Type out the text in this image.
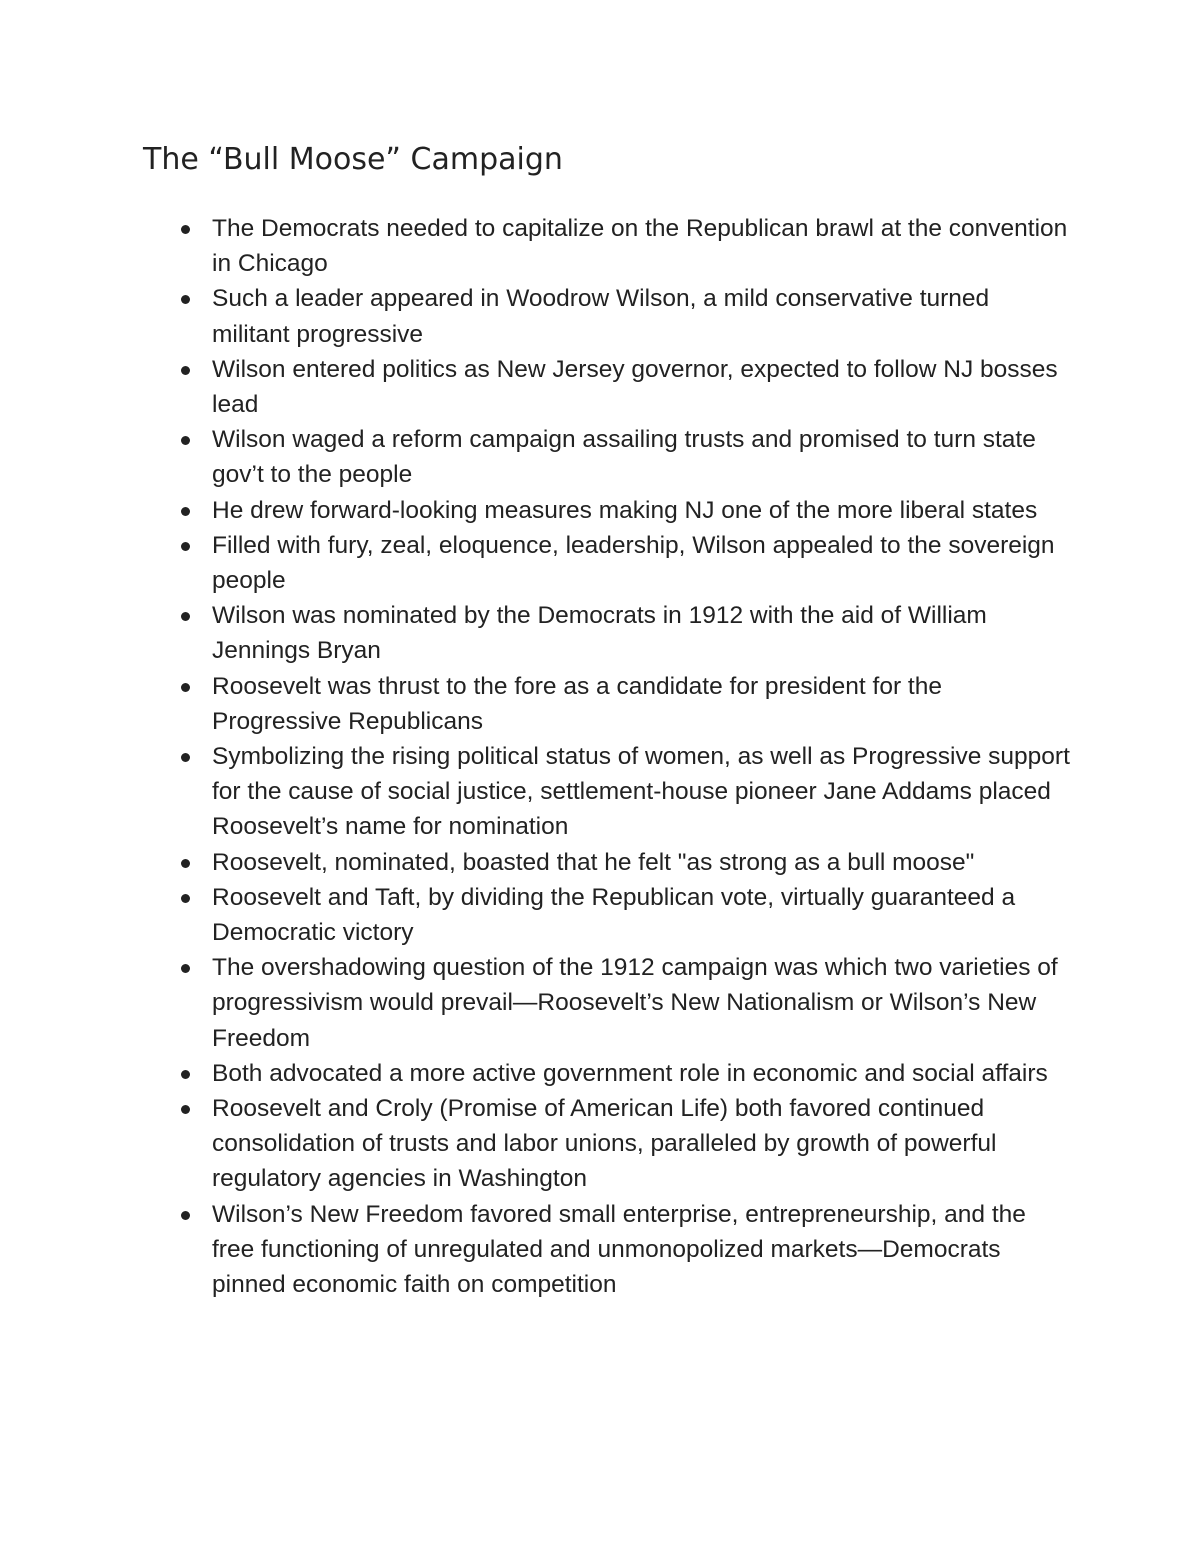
The “Bull Moose” Campaign
The Democrats needed to capitalize on the Republican brawl at the convention in Chicago
Such a leader appeared in Woodrow Wilson, a mild conservative turned militant progressive
Wilson entered politics as New Jersey governor, expected to follow NJ bosses lead
Wilson waged a reform campaign assailing trusts and promised to turn state gov’t to the people
He drew forward-looking measures making NJ one of the more liberal states
Filled with fury, zeal, eloquence, leadership, Wilson appealed to the sovereign people
Wilson was nominated by the Democrats in 1912 with the aid of William Jennings Bryan
Roosevelt was thrust to the fore as a candidate for president for the Progressive Republicans
Symbolizing the rising political status of women, as well as Progressive support for the cause of social justice, settlement-house pioneer Jane Addams placed Roosevelt’s name for nomination
Roosevelt, nominated, boasted that he felt "as strong as a bull moose"
Roosevelt and Taft, by dividing the Republican vote, virtually guaranteed a Democratic victory
The overshadowing question of the 1912 campaign was which two varieties of progressivism would prevail—Roosevelt’s New Nationalism or Wilson’s New Freedom
Both advocated a more active government role in economic and social affairs
Roosevelt and Croly (Promise of American Life) both favored continued consolidation of trusts and labor unions, paralleled by growth of powerful regulatory agencies in Washington
Wilson’s New Freedom favored small enterprise, entrepreneurship, and the free functioning of unregulated and unmonopolized markets—Democrats pinned economic faith on competition
